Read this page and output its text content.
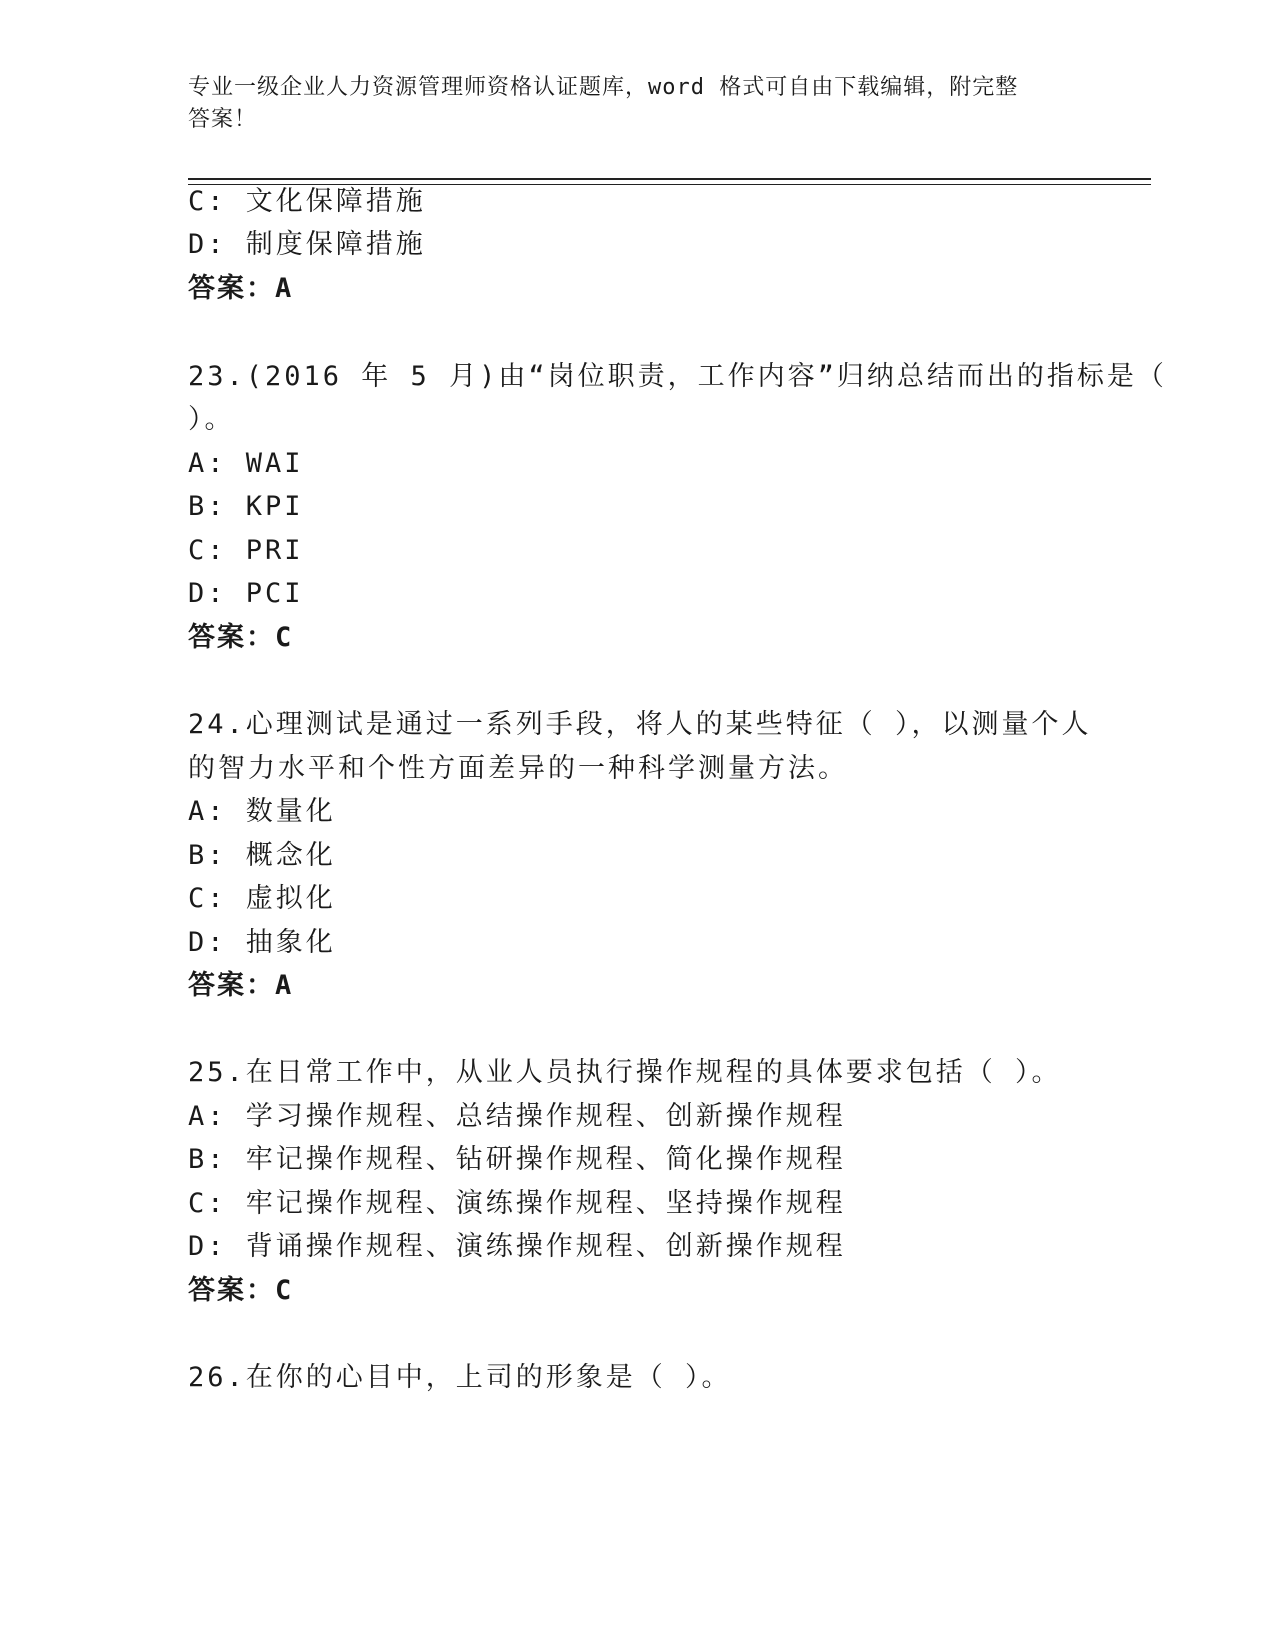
专业一级企业人力资源管理师资格认证题库，word 格式可自由下载编辑，附完整
答案！
C: 文化保障措施
D: 制度保障措施
答案：A
23.(2016 年 5 月)由“岗位职责，工作内容”归纳总结而出的指标是（
）。
A: WAI
B: KPI
C: PRI
D: PCI
答案：C
24.心理测试是通过一系列手段，将人的某些特征（ ），以测量个人
的智力水平和个性方面差异的一种科学测量方法。
A: 数量化
B: 概念化
C: 虚拟化
D: 抽象化
答案：A
25.在日常工作中，从业人员执行操作规程的具体要求包括（ ）。
A: 学习操作规程、总结操作规程、创新操作规程
B: 牢记操作规程、钻研操作规程、简化操作规程
C: 牢记操作规程、演练操作规程、坚持操作规程
D: 背诵操作规程、演练操作规程、创新操作规程
答案：C
26.在你的心目中，上司的形象是（ ）。
